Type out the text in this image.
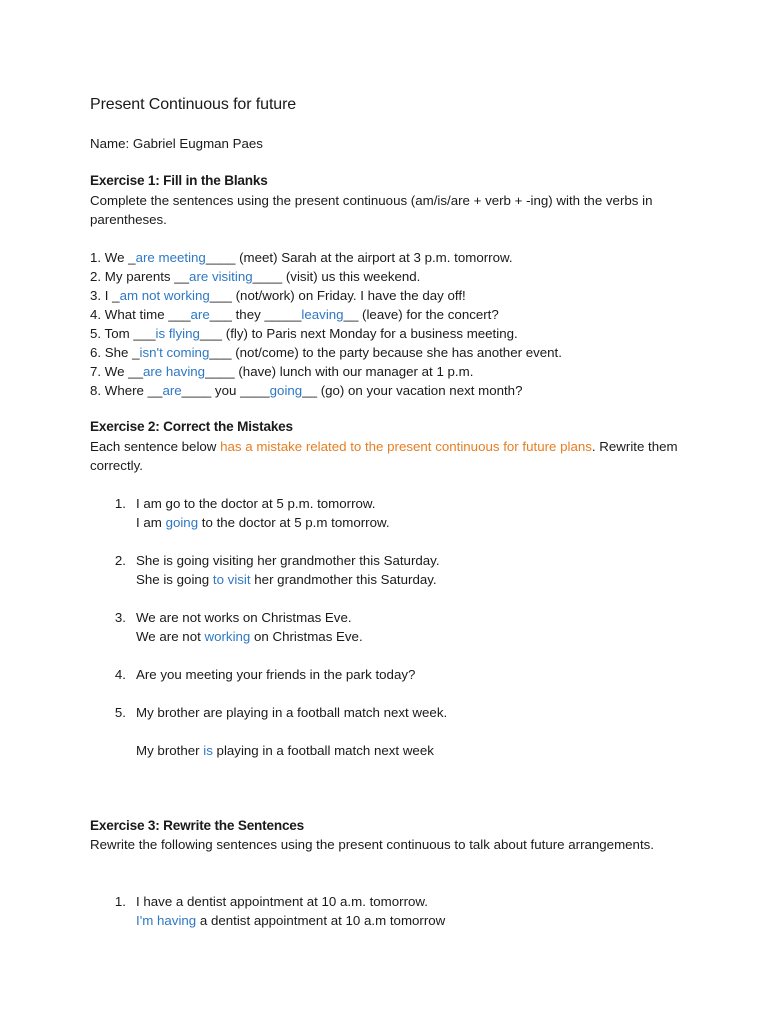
Present Continuous for future

Name: Gabriel Eugman Paes

Exercise 1: Fill in the Blanks

Complete the sentences using the present continuous (am/is/are + verb + -ing) with the verbs in parentheses.

1. We _are meeting____ (meet) Sarah at the airport at 3 p.m. tomorrow.
2. My parents __are visiting____ (visit) us this weekend.
3. I _am not working___ (not/work) on Friday. I have the day off!
4. What time ___are___ they _____leaving__ (leave) for the concert?
5. Tom ___is flying___ (fly) to Paris next Monday for a business meeting.
6. She _isn't coming___ (not/come) to the party because she has another event.
7. We __are having____ (have) lunch with our manager at 1 p.m.
8. Where __are____ you ____going__ (go) on your vacation next month?

Exercise 2: Correct the Mistakes

Each sentence below has a mistake related to the present continuous for future plans. Rewrite them correctly.

1. I am go to the doctor at 5 p.m. tomorrow.
I am going to the doctor at 5 p.m tomorrow.
2. She is going visiting her grandmother this Saturday.
She is going to visit her grandmother this Saturday.
3. We are not works on Christmas Eve.
We are not working on Christmas Eve.
4. Are you meeting your friends in the park today?
5. My brother are playing in a football match next week.
My brother is playing in a football match next week

Exercise 3: Rewrite the Sentences

Rewrite the following sentences using the present continuous to talk about future arrangements.

1. I have a dentist appointment at 10 a.m. tomorrow.
I'm having a dentist appointment at 10 a.m tomorrow
